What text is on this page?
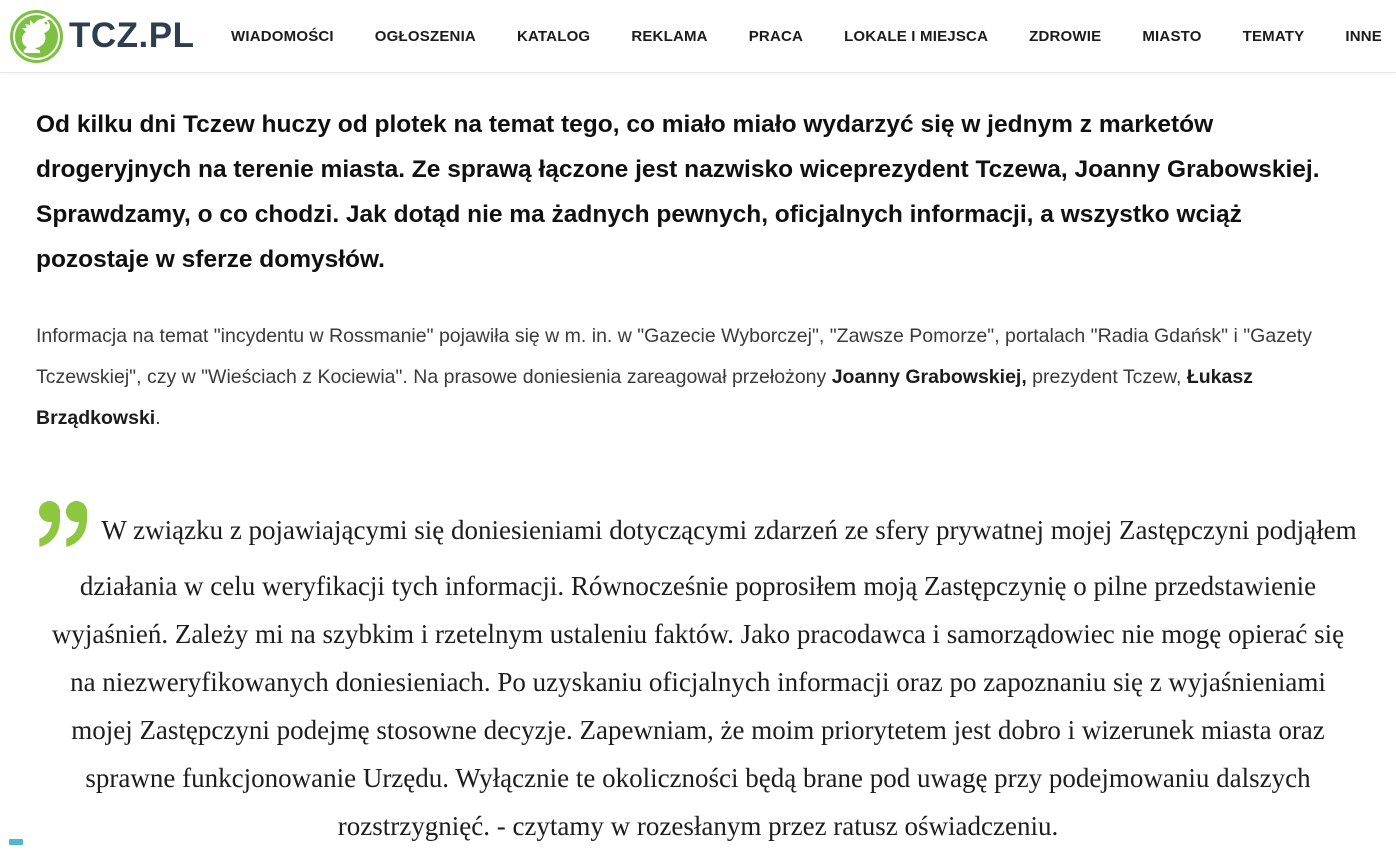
TCZ.PL WIADOMOŚCI	OGŁOSZENIA	KATALOG	REKLAMA	PRACA	LOKALE I MIEJSCA	ZDROWIE	MIASTO	TEMATY	INNE

Od kilku dni Tczew huczy od plotek na temat tego, co miało miało wydarzyć się w jednym z marketów drogeryjnych na terenie miasta. Ze sprawą łączone jest nazwisko wiceprezydent Tczewa, Joanny Grabowskiej. Sprawdzamy, o co chodzi. Jak dotąd nie ma żadnych pewnych, oficjalnych informacji, a wszystko wciąż pozostaje w sferze domysłów.

Informacja na temat "incydentu w Rossmanie" pojawiła się w m. in. w "Gazecie Wyborczej", "Zawsze Pomorze", portalach "Radia Gdańsk" i "Gazety Tczewskiej", czy w "Wieściach z Kociewia". Na prasowe doniesienia zareagował przełożony Joanny Grabowskiej, prezydent Tczew, Łukasz Brządkowski.

W związku z pojawiającymi się doniesieniami dotyczącymi zdarzeń ze sfery prywatnej mojej Zastępczyni podjąłem działania w celu weryfikacji tych informacji. Równocześnie poprosiłem moją Zastępczynię o pilne przedstawienie wyjaśnień. Zależy mi na szybkim i rzetelnym ustaleniu faktów. Jako pracodawca i samorządowiec nie mogę opierać się na niezweryfikowanych doniesieniach. Po uzyskaniu oficjalnych informacji oraz po zapoznaniu się z wyjaśnieniami mojej Zastępczyni podejmę stosowne decyzje. Zapewniam, że moim priorytetem jest dobro i wizerunek miasta oraz sprawne funkcjonowanie Urzędu. Wyłącznie te okoliczności będą brane pod uwagę przy podejmowaniu dalszych rozstrzygnięć. - czytamy w rozesłanym przez ratusz oświadczeniu.
